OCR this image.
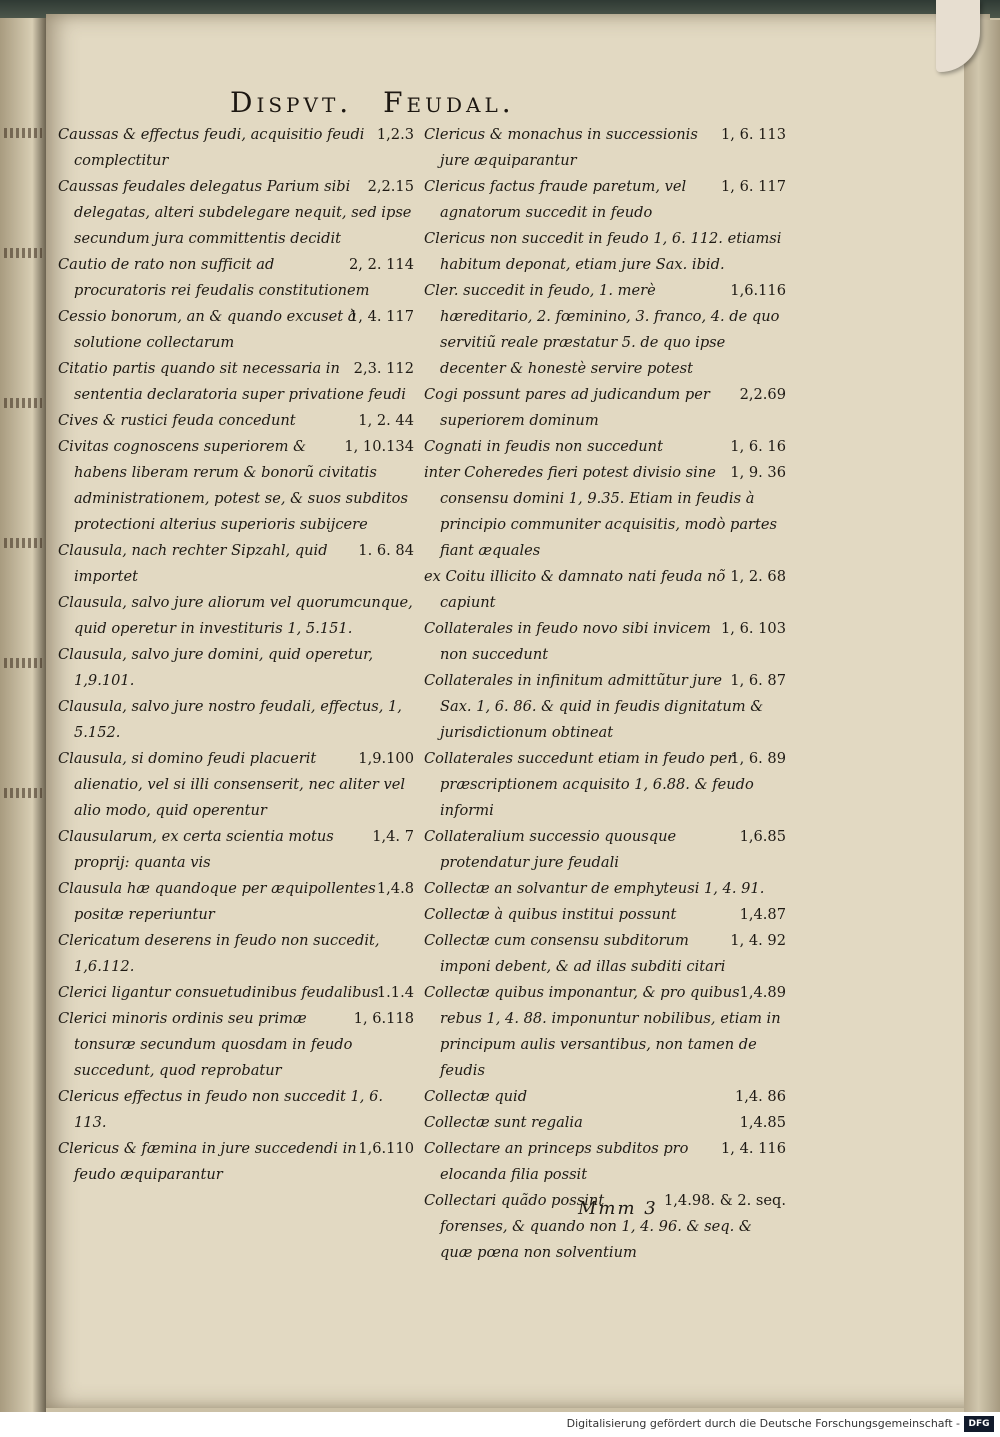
Dispvt. Feudal.
1,2.3
Caussas & effectus feudi, acquisitio feudi complectitur
2,2.15
Caussas feudales delegatus Parium sibi delegatas, alteri subdelegare nequit, sed ipse secundum jura committentis decidit
2, 2. 114
Cautio de rato non sufficit ad procuratoris rei feudalis constitutionem
1, 4. 117
Cessio bonorum, an & quando excuset à solutione collectarum
2,3. 112
Citatio partis quando sit necessaria in sententia declaratoria super privatione feudi
1, 2. 44
Cives & rustici feuda concedunt
1, 10.134
Civitas cognoscens superiorem & habens liberam rerum & bonorũ civitatis administrationem, potest se, & suos subditos protectioni alterius superioris subijcere
1. 6. 84
Clausula, nach rechter Sipzahl, quid importet
Clausula, salvo jure aliorum vel quorumcunque, quid operetur in investituris 1, 5.151.
Clausula, salvo jure domini, quid operetur, 1,9.101.
Clausula, salvo jure nostro feudali, effectus, 1, 5.152.
1,9.100
Clausula, si domino feudi placuerit alienatio, vel si illi consenserit, nec aliter vel alio modo, quid operentur
1,4. 7
Clausularum, ex certa scientia motus proprij: quanta vis
1,4.8
Clausula hæ quandoque per æquipollentes positæ reperiuntur
Clericatum deserens in feudo non succedit, 1,6.112.
1.1.4
Clerici ligantur consuetudinibus feudalibus
1, 6.118
Clerici minoris ordinis seu primæ tonsuræ secundum quosdam in feudo succedunt, quod reprobatur
Clericus effectus in feudo non succedit 1, 6. 113.
1,6.110
Clericus & fæmina in jure succedendi in feudo æquiparantur
1, 6. 113
Clericus & monachus in successionis jure æquiparantur
1, 6. 117
Clericus factus fraude paretum, vel agnatorum succedit in feudo
Clericus non succedit in feudo 1, 6. 112. etiamsi habitum deponat, etiam jure Sax. ibid.
1,6.116
Cler. succedit in feudo, 1. merè hæreditario, 2. fœminino, 3. franco, 4. de quo servitiũ reale præstatur 5. de quo ipse decenter & honestè servire potest
2,2.69
Cogi possunt pares ad judicandum per superiorem dominum
1, 6. 16
Cognati in feudis non succedunt
1, 9. 36
inter Coheredes fieri potest divisio sine consensu domini 1, 9.35. Etiam in feudis à principio communiter acquisitis, modò partes fiant æquales
1, 2. 68
ex Coitu illicito & damnato nati feuda nõ capiunt
1, 6. 103
Collaterales in feudo novo sibi invicem non succedunt
1, 6. 87
Collaterales in infinitum admittũtur jure Sax. 1, 6. 86. & quid in feudis dignitatum & jurisdictionum obtineat
1, 6. 89
Collaterales succedunt etiam in feudo per præscriptionem acquisito 1, 6.88. & feudo informi
1,6.85
Collateralium successio quousque protendatur jure feudali
Collectæ an solvantur de emphyteusi 1, 4. 91.
1,4.87
Collectæ à quibus institui possunt
1, 4. 92
Collectæ cum consensu subditorum imponi debent, & ad illas subditi citari
1,4.89
Collectæ quibus imponantur, & pro quibus rebus 1, 4. 88. imponuntur nobilibus, etiam in principum aulis versantibus, non tamen de feudis
1,4. 86
Collectæ quid
1,4.85
Collectæ sunt regalia
1, 4. 116
Collectare an princeps subditos pro elocanda filia possit
1,4.98. & 2. seq.
Collectari quãdo possint forenses, & quando non 1, 4. 96. & seq. & quæ pœna non solventium
Mmm 3
Digitalisierung gefördert durch die Deutsche Forschungsgemeinschaft - DFG
